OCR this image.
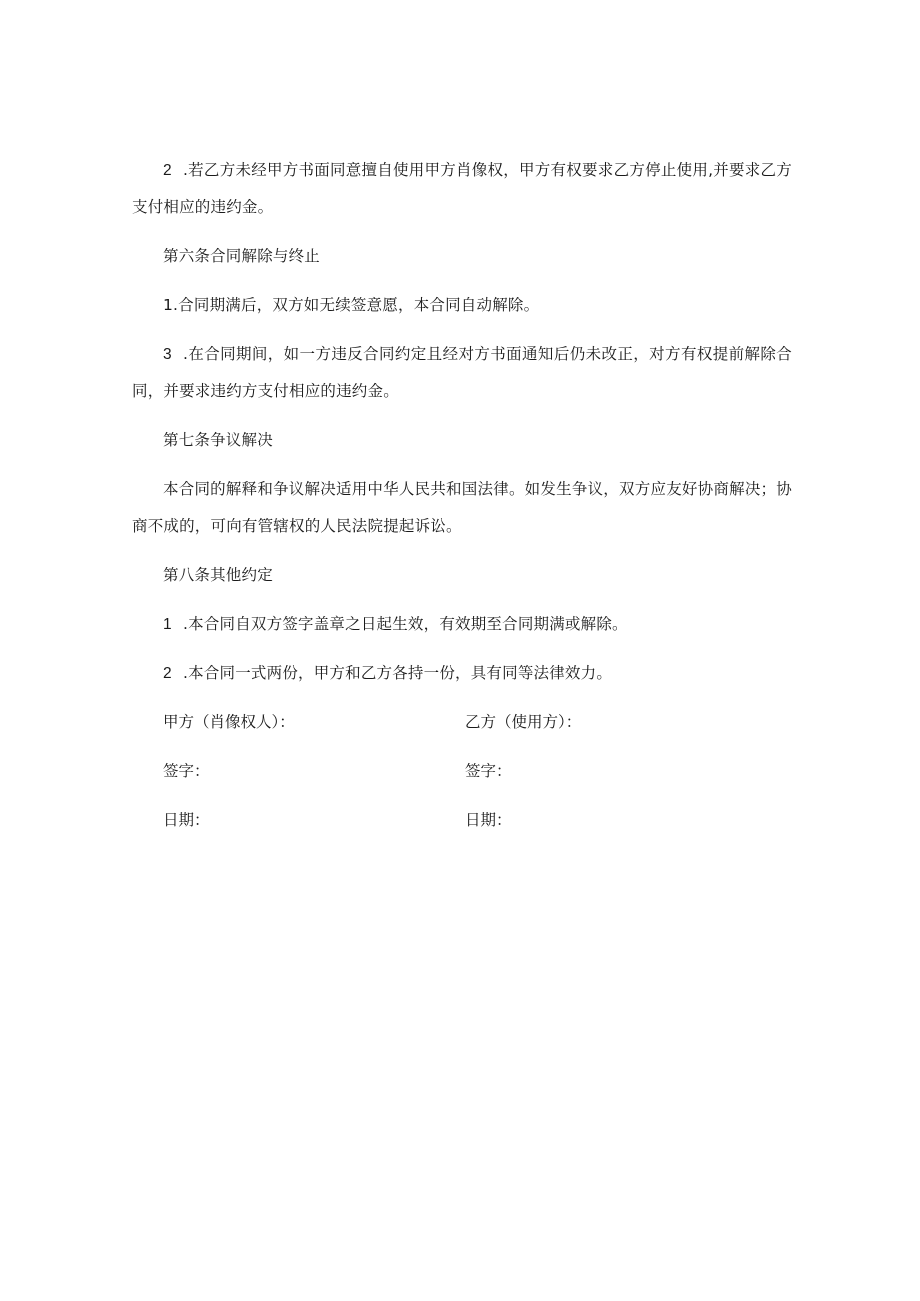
2 .若乙方未经甲方书面同意擅自使用甲方肖像权，甲方有权要求乙方停止使用,并要求乙方支付相应的违约金。

第六条合同解除与终止

1.合同期满后，双方如无续签意愿，本合同自动解除。

3 .在合同期间，如一方违反合同约定且经对方书面通知后仍未改正，对方有权提前解除合同，并要求违约方支付相应的违约金。

第七条争议解决

本合同的解释和争议解决适用中华人民共和国法律。如发生争议，双方应友好协商解决；协商不成的，可向有管辖权的人民法院提起诉讼。

第八条其他约定

1 .本合同自双方签字盖章之日起生效，有效期至合同期满或解除。

2 .本合同一式两份，甲方和乙方各持一份，具有同等法律效力。

甲方（肖像权人）：	乙方（使用方）：
签字：	签字：
日期：	日期：
